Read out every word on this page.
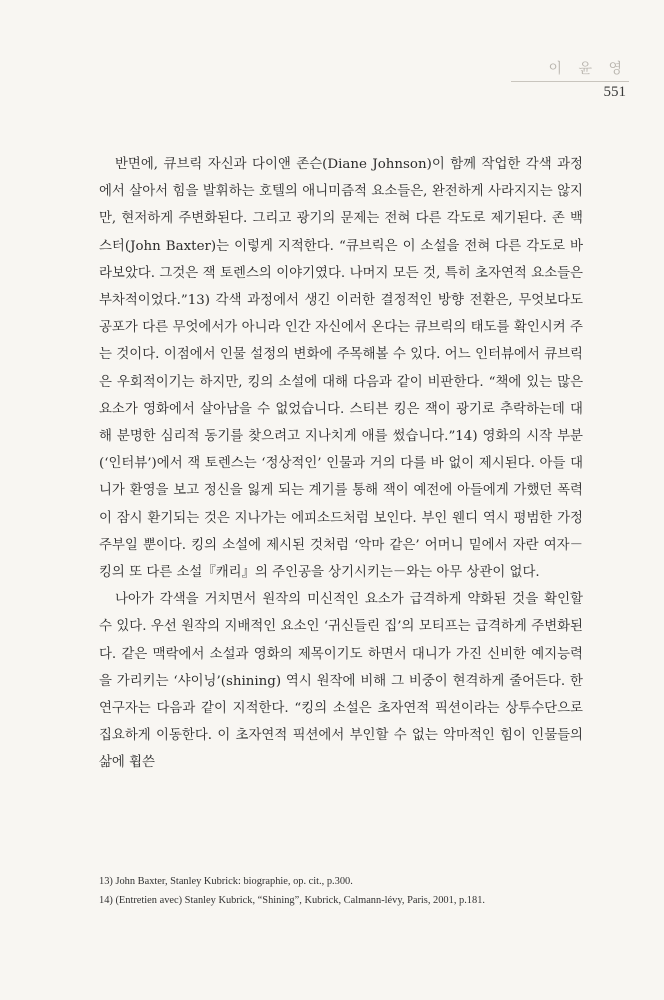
이 윤 영
551

반면에, 큐브릭 자신과 다이앤 존슨(Diane Johnson)이 함께 작업한 각색 과정에서 살아서 힘을 발휘하는 호텔의 애니미즘적 요소들은, 완전하게 사라지지는 않지만, 현저하게 주변화된다. 그리고 광기의 문제는 전혀 다른 각도로 제기된다. 존 백스터(John Baxter)는 이렇게 지적한다. “큐브릭은 이 소설을 전혀 다른 각도로 바라보았다. 그것은 잭 토렌스의 이야기였다. 나머지 모든 것, 특히 초자연적 요소들은 부차적이었다.”13) 각색 과정에서 생긴 이러한 결정적인 방향 전환은, 무엇보다도 공포가 다른 무엇에서가 아니라 인간 자신에서 온다는 큐브릭의 태도를 확인시켜 주는 것이다. 이점에서 인물 설정의 변화에 주목해볼 수 있다. 어느 인터뷰에서 큐브릭은 우회적이기는 하지만, 킹의 소설에 대해 다음과 같이 비판한다. “책에 있는 많은 요소가 영화에서 살아남을 수 없었습니다. 스티븐 킹은 잭이 광기로 추락하는데 대해 분명한 심리적 동기를 찾으려고 지나치게 애를 썼습니다.”14) 영화의 시작 부분(‘인터뷰’)에서 잭 토렌스는 ‘정상적인’ 인물과 거의 다를 바 없이 제시된다. 아들 대니가 환영을 보고 정신을 잃게 되는 계기를 통해 잭이 예전에 아들에게 가했던 폭력이 잠시 환기되는 것은 지나가는 에피소드처럼 보인다. 부인 웬디 역시 평범한 가정주부일 뿐이다. 킹의 소설에 제시된 것처럼 ‘악마 같은’ 어머니 밑에서 자란 여자－킹의 또 다른 소설『캐리』의 주인공을 상기시키는－와는 아무 상관이 없다.

나아가 각색을 거치면서 원작의 미신적인 요소가 급격하게 약화된 것을 확인할 수 있다. 우선 원작의 지배적인 요소인 ‘귀신들린 집’의 모티프는 급격하게 주변화된다. 같은 맥락에서 소설과 영화의 제목이기도 하면서 대니가 가진 신비한 예지능력을 가리키는 ‘샤이닝’(shining) 역시 원작에 비해 그 비중이 현격하게 줄어든다. 한 연구자는 다음과 같이 지적한다. “킹의 소설은 초자연적 픽션이라는 상투수단으로 집요하게 이동한다. 이 초자연적 픽션에서 부인할 수 없는 악마적인 힘이 인물들의 삶에 휩쓴

13) John Baxter, Stanley Kubrick: biographie, op. cit., p.300.
14) (Entretien avec) Stanley Kubrick, “Shining”, Kubrick, Calmann-lévy, Paris, 2001, p.181.
